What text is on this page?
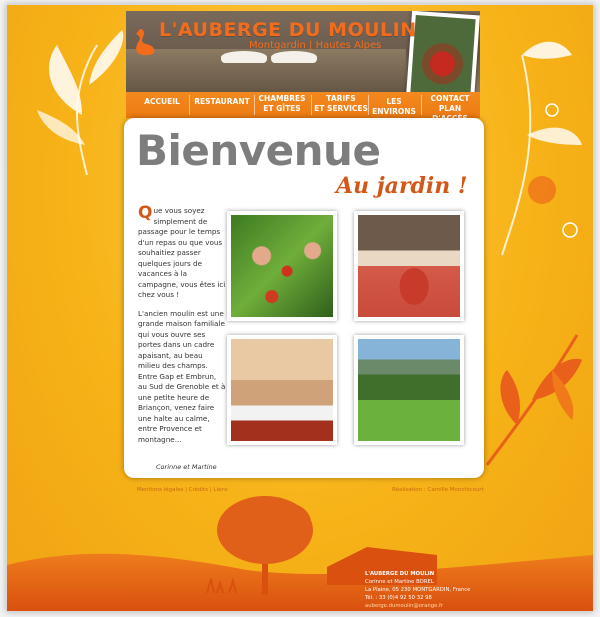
L'AUBERGE DU MOULIN
Montgardin | Hautes Alpes
ACCUEIL	RESTAURANT	CHAMBRES
ET GÎTES
TARIFS
ET SERVICES
LES ENVIRONS
CONTACT
PLAN
Bienvenue
Au jardin !

Que vous soyez simplement de passage pour le temps d'un repas ou que vous souhaitiez passer quelques jours de vacances à la campagne, vous êtes ici chez vous !

L'ancien moulin est une grande maison familiale qui vous ouvre ses portes dans un cadre apaisant, au beau milieu des champs. Entre Gap et Embrun, au Sud de Grenoble et à une petite heure de Briançon, venez faire une halte au calme, entre Provence et montagne...

Corinne et Martine
Mentions légales | Crédits | Liens	Réalisation : Camille Monchicourt
L'AUBERGE DU MOULIN
Corinne et Martine BOREL
La Plaine, 05 230 MONTGARDIN, France
Tél. : 33 (0)4 92 50 32 98
auberge.dumoulin@orange.fr
